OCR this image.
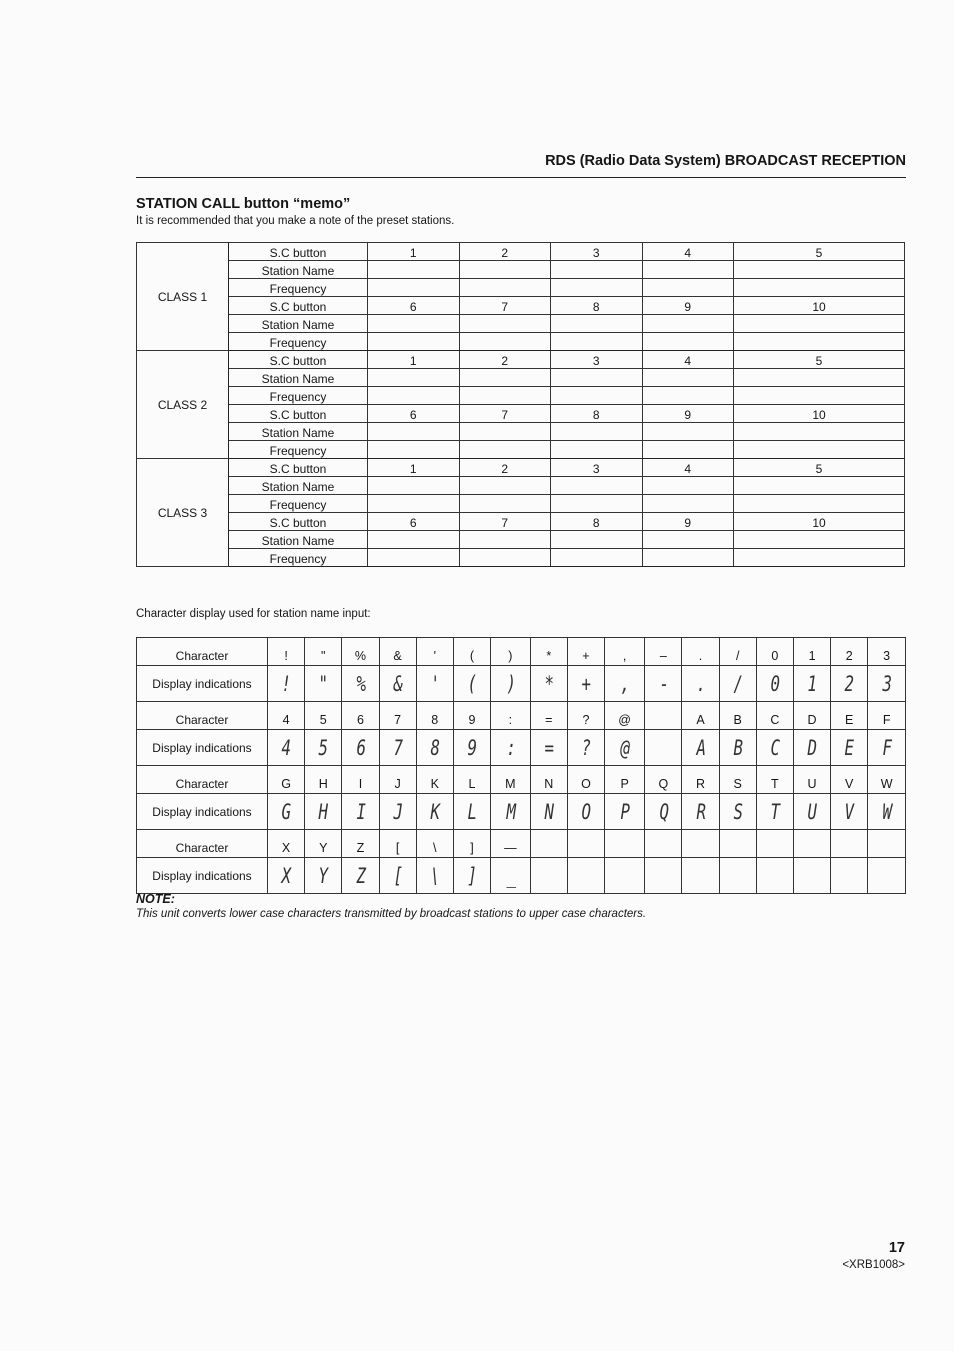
RDS (Radio Data System) BROADCAST RECEPTION
STATION CALL button “memo”
It is recommended that you make a note of the preset stations.
CLASS 1	S.C button	1	2	3	4	5
	Station Name					
	Frequency					
	S.C button	6	7	8	9	10
	Station Name					
	Frequency					
CLASS 2	S.C button	1	2	3	4	5
	Station Name					
	Frequency					
	S.C button	6	7	8	9	10
	Station Name					
	Frequency					
CLASS 3	S.C button	1	2	3	4	5
	Station Name					
	Frequency					
	S.C button	6	7	8	9	10
	Station Name					
	Frequency					
Character display used for station name input:
Character	!	"	%	&	'	(	)	*	+	,	–	.	/	0	1	2	3
Display indications	!	"	%	&	'	(	)	*	+	,	-	.	/	0	1	2	3
Character	4	5	6	7	8	9	:	=	?	@		A	B	C	D	E	F
Display indications	4	5	6	7	8	9	:	=	?	@		A	B	C	D	E	F
Character	G	H	I	J	K	L	M	N	O	P	Q	R	S	T	U	V	W
Display indications	G	H	I	J	K	L	M	N	O	P	Q	R	S	T	U	V	W
Character	X	Y	Z	[	\	]	—										
Display indications	X	Y	Z	[	\	]	_										
NOTE:
This unit converts lower case characters transmitted by broadcast stations to upper case characters.
17
<XRB1008>
